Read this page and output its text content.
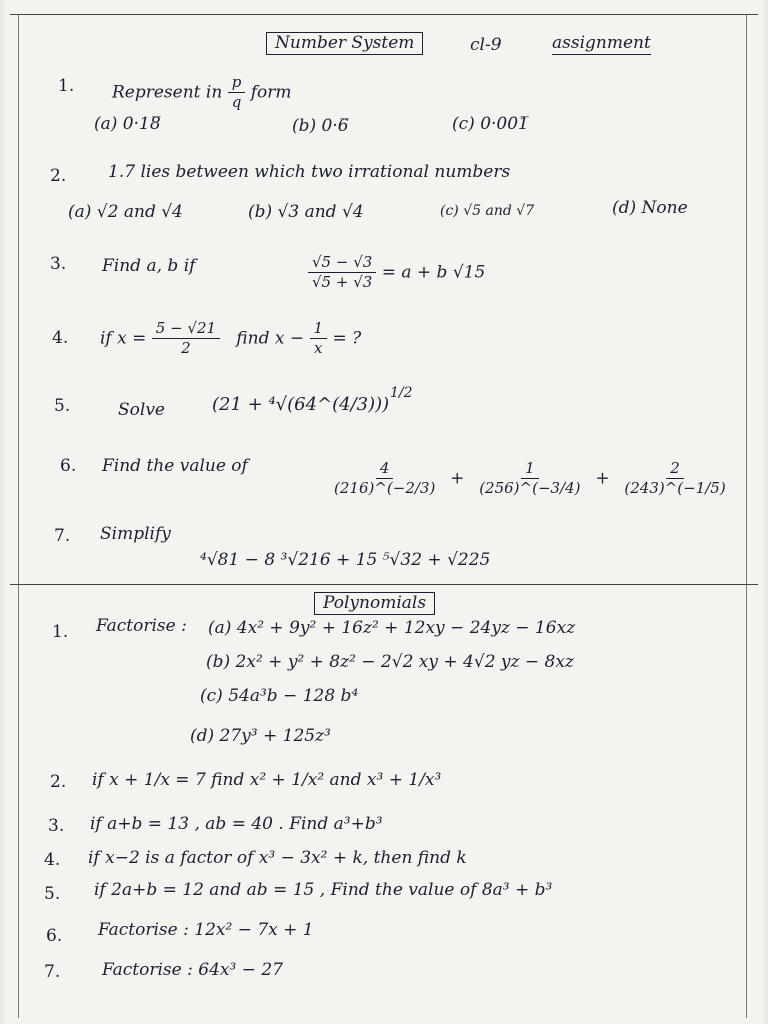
Number System	cl-9	assignment
1. Represent in $\frac{p}{q}$ form
(a) 0·18̅	(b) 0·6̅	(c) 0·001̅
2. 1.7 lies between which two irrational numbers
(a) √2 and √4	(b) √3 and √4	(c) √5 and √7	(d) None
3. Find a, b if	$\frac{√5 - √3}{√5 + √3} = a + b$ √15
4. if $x = \frac{5 - √21}{2}$ find $x - \frac{1}{x}$ = ?
5.	Solve	(21 + ⁴√(64^(4/3)))
1/2
6. Find the value of	$\frac{4}{(216)\^{}(-2/3)} + \frac{1}{(256)\^{}(-3/4)} + \frac{2}{(243)\^{}(-1/5)}$
7. Simplify
⁴√81 − 8 ³√216 + 15 ⁵√32 + √225
Polynomials
1. Factorise : (a) 4x² + 9y² + 16z² + 12xy − 24yz − 16xz
(b) 2x² + y² + 8z² − 2√2 xy + 4√2 yz − 8xz
(c) 54a³b − 128 b⁴
(d) 27y³ + 125z³
2. if x + 1/x = 7 find x² + 1/x² and x³ + 1/x³
3. if a+b = 13 , ab = 40 . Find a³+b³
4. if x−2 is a factor of x³ − 3x² + k, then find k
5. if 2a+b = 12 and ab = 15 , Find the value of 8a³ + b³
6. Factorise : 12x² − 7x + 1
7. Factorise : 64x³ − 27
